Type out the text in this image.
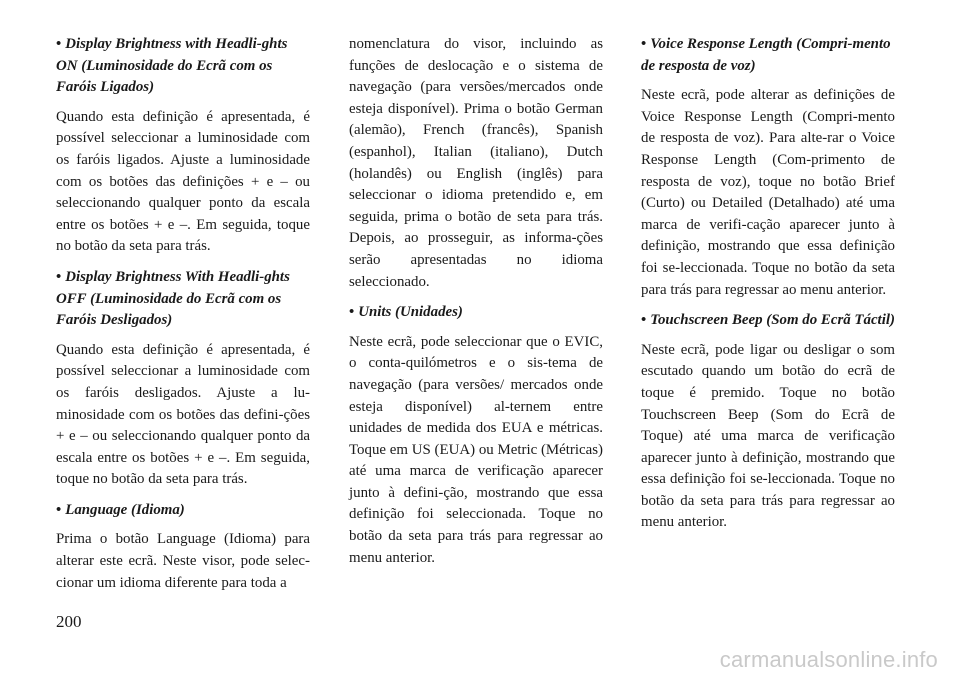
• Display Brightness with Headli-ghts ON (Luminosidade do Ecrã com os Faróis Ligados)

Quando esta definição é apresentada, é possível seleccionar a luminosidade com os faróis ligados. Ajuste a luminosidade com os botões das definições + e – ou seleccionando qualquer ponto da escala entre os botões + e –. Em seguida, toque no botão da seta para trás.

• Display Brightness With Headli-ghts OFF (Luminosidade do Ecrã com os Faróis Desligados)

Quando esta definição é apresentada, é possível seleccionar a luminosidade com os faróis desligados. Ajuste a lu-minosidade com os botões das defini-ções + e – ou seleccionando qualquer ponto da escala entre os botões + e –. Em seguida, toque no botão da seta para trás.

• Language (Idioma)

Prima o botão Language (Idioma) para alterar este ecrã. Neste visor, pode selec-cionar um idioma diferente para toda a

nomenclatura do visor, incluindo as funções de deslocação e o sistema de navegação (para versões/mercados onde esteja disponível). Prima o botão German (alemão), French (francês), Spanish (espanhol), Italian (italiano), Dutch (holandês) ou English (inglês) para seleccionar o idioma pretendido e, em seguida, prima o botão de seta para trás. Depois, ao prosseguir, as informa-ções serão apresentadas no idioma seleccionado.

• Units (Unidades)

Neste ecrã, pode seleccionar que o EVIC, o conta-quilómetros e o sis-tema de navegação (para versões/ mercados onde esteja disponível) al-ternem entre unidades de medida dos EUA e métricas. Toque em US (EUA) ou Metric (Métricas) até uma marca de verificação aparecer junto à defini-ção, mostrando que essa definição foi seleccionada. Toque no botão da seta para trás para regressar ao menu anterior.

• Voice Response Length (Compri-mento de resposta de voz)

Neste ecrã, pode alterar as definições de Voice Response Length (Compri-mento de resposta de voz). Para alte-rar o Voice Response Length (Com-primento de resposta de voz), toque no botão Brief (Curto) ou Detailed (Detalhado) até uma marca de verifi-cação aparecer junto à definição, mostrando que essa definição foi se-leccionada. Toque no botão da seta para trás para regressar ao menu anterior.

• Touchscreen Beep (Som do Ecrã Táctil)

Neste ecrã, pode ligar ou desligar o som escutado quando um botão do ecrã de toque é premido. Toque no botão Touchscreen Beep (Som do Ecrã de Toque) até uma marca de verificação aparecer junto à definição, mostrando que essa definição foi se-leccionada. Toque no botão da seta para trás para regressar ao menu anterior.

200
carmanualsonline.info
